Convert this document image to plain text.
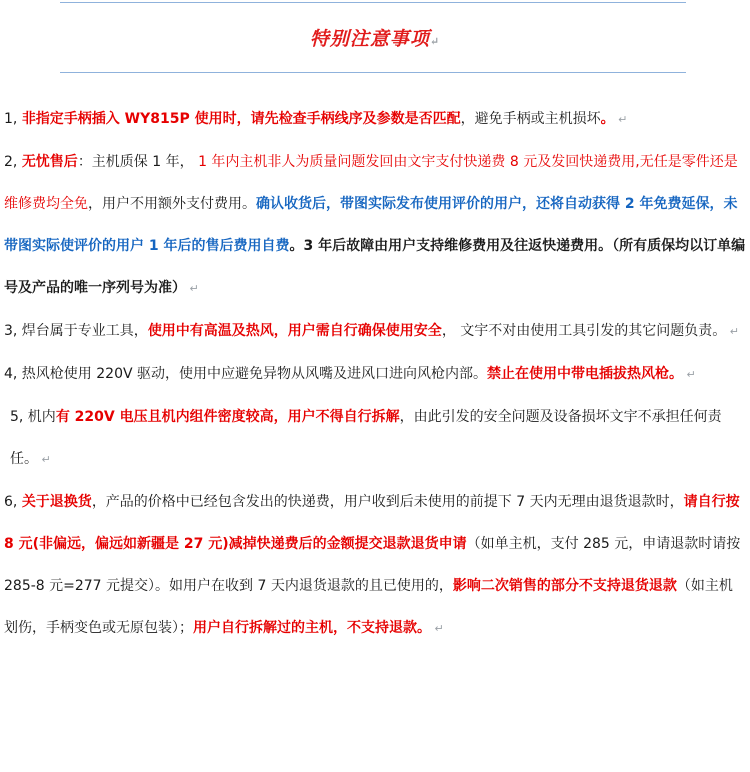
特别注意事项↵
1, 非指定手柄插入 WY815P 使用时，请先检查手柄线序及参数是否匹配，避免手柄或主机损坏。 ↵
2, 无忧售后：主机质保 1 年， 1 年内主机非人为质量问题发回由文宇支付快递费 8 元及发回快递费用,无任是零件还是维修费均全免，用户不用额外支付费用。确认收货后，带图实际发布使用评价的用户，还将自动获得 2 年免费延保，未带图实际使评价的用户 1 年后的售后费用自费。3 年后故障由用户支持维修费用及往返快递费用。（所有质保均以订单编号及产品的唯一序列号为准） ↵
3, 焊台属于专业工具，使用中有高温及热风，用户需自行确保使用安全， 文宇不对由使用工具引发的其它问题负责。 ↵
4, 热风枪使用 220V 驱动，使用中应避免异物从风嘴及进风口进向风枪内部。禁止在使用中带电插拔热风枪。 ↵
5, 机内有 220V 电压且机内组件密度较高，用户不得自行拆解，由此引发的安全问题及设备损坏文宇不承担任何责任。 ↵
6, 关于退换货，产品的价格中已经包含发出的快递费，用户收到后未使用的前提下 7 天内无理由退货退款时，请自行按 8 元(非偏远，偏远如新疆是 27 元)减掉快递费后的金额提交退款退货申请（如单主机，支付 285 元，申请退款时请按 285-8 元=277 元提交）。如用户在收到 7 天内退货退款的且已使用的，影响二次销售的部分不支持退货退款（如主机划伤，手柄变色或无原包装）；用户自行拆解过的主机，不支持退款。 ↵
